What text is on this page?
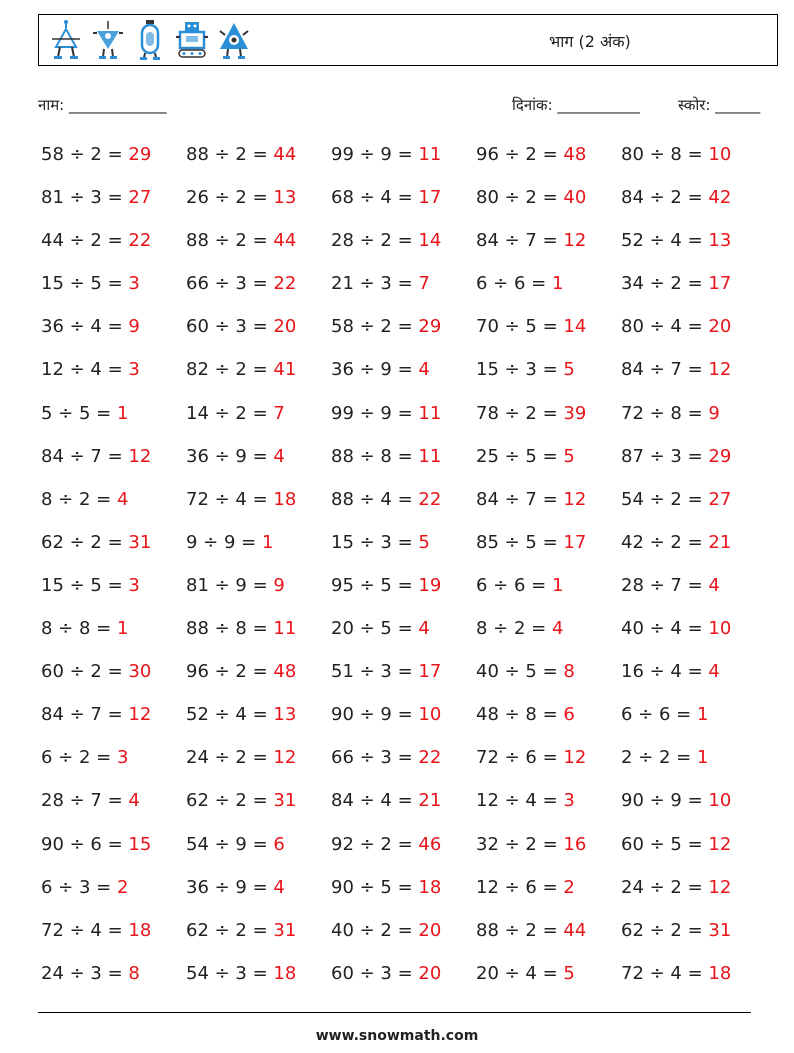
भाग (2 अंक)
नाम: _____________	दिनांक: ___________	स्कोर: ______
58 ÷ 2 = 29	88 ÷ 2 = 44	99 ÷ 9 = 11	96 ÷ 2 = 48	80 ÷ 8 = 10
81 ÷ 3 = 27	26 ÷ 2 = 13	68 ÷ 4 = 17	80 ÷ 2 = 40	84 ÷ 2 = 42
44 ÷ 2 = 22	88 ÷ 2 = 44	28 ÷ 2 = 14	84 ÷ 7 = 12	52 ÷ 4 = 13
15 ÷ 5 = 3	66 ÷ 3 = 22	21 ÷ 3 = 7	6 ÷ 6 = 1	34 ÷ 2 = 17
36 ÷ 4 = 9	60 ÷ 3 = 20	58 ÷ 2 = 29	70 ÷ 5 = 14	80 ÷ 4 = 20
12 ÷ 4 = 3	82 ÷ 2 = 41	36 ÷ 9 = 4	15 ÷ 3 = 5	84 ÷ 7 = 12
5 ÷ 5 = 1	14 ÷ 2 = 7	99 ÷ 9 = 11	78 ÷ 2 = 39	72 ÷ 8 = 9
84 ÷ 7 = 12	36 ÷ 9 = 4	88 ÷ 8 = 11	25 ÷ 5 = 5	87 ÷ 3 = 29
8 ÷ 2 = 4	72 ÷ 4 = 18	88 ÷ 4 = 22	84 ÷ 7 = 12	54 ÷ 2 = 27
62 ÷ 2 = 31	9 ÷ 9 = 1	15 ÷ 3 = 5	85 ÷ 5 = 17	42 ÷ 2 = 21
15 ÷ 5 = 3	81 ÷ 9 = 9	95 ÷ 5 = 19	6 ÷ 6 = 1	28 ÷ 7 = 4
8 ÷ 8 = 1	88 ÷ 8 = 11	20 ÷ 5 = 4	8 ÷ 2 = 4	40 ÷ 4 = 10
60 ÷ 2 = 30	96 ÷ 2 = 48	51 ÷ 3 = 17	40 ÷ 5 = 8	16 ÷ 4 = 4
84 ÷ 7 = 12	52 ÷ 4 = 13	90 ÷ 9 = 10	48 ÷ 8 = 6	6 ÷ 6 = 1
6 ÷ 2 = 3	24 ÷ 2 = 12	66 ÷ 3 = 22	72 ÷ 6 = 12	2 ÷ 2 = 1
28 ÷ 7 = 4	62 ÷ 2 = 31	84 ÷ 4 = 21	12 ÷ 4 = 3	90 ÷ 9 = 10
90 ÷ 6 = 15	54 ÷ 9 = 6	92 ÷ 2 = 46	32 ÷ 2 = 16	60 ÷ 5 = 12
6 ÷ 3 = 2	36 ÷ 9 = 4	90 ÷ 5 = 18	12 ÷ 6 = 2	24 ÷ 2 = 12
72 ÷ 4 = 18	62 ÷ 2 = 31	40 ÷ 2 = 20	88 ÷ 2 = 44	62 ÷ 2 = 31
24 ÷ 3 = 8	54 ÷ 3 = 18	60 ÷ 3 = 20	20 ÷ 4 = 5	72 ÷ 4 = 18
www.snowmath.com
